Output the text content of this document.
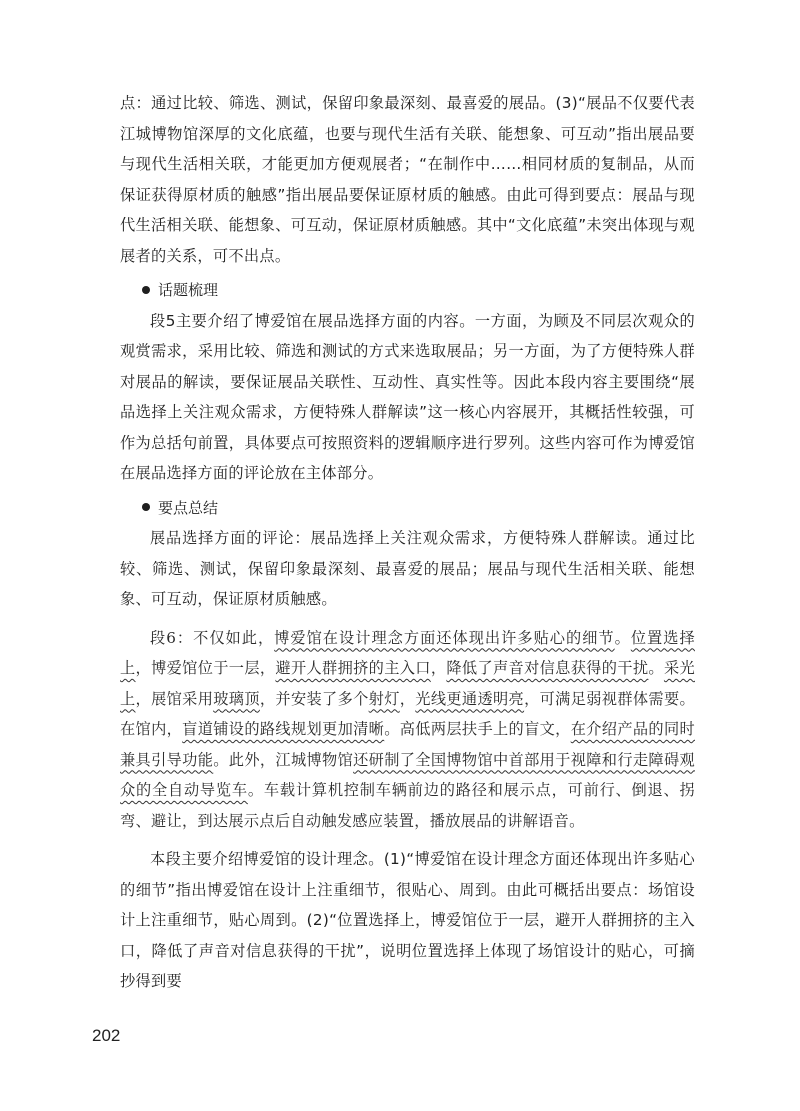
点：通过比较、筛选、测试，保留印象最深刻、最喜爱的展品。(3)“展品不仅要代表江城博物馆深厚的文化底蕴，也要与现代生活有关联、能想象、可互动”指出展品要与现代生活相关联，才能更加方便观展者；“在制作中……相同材质的复制品，从而保证获得原材质的触感”指出展品要保证原材质的触感。由此可得到要点：展品与现代生活相关联、能想象、可互动，保证原材质触感。其中“文化底蕴”未突出体现与观展者的关系，可不出点。

话题梳理

段5主要介绍了博爱馆在展品选择方面的内容。一方面，为顾及不同层次观众的观赏需求，采用比较、筛选和测试的方式来选取展品；另一方面，为了方便特殊人群对展品的解读，要保证展品关联性、互动性、真实性等。因此本段内容主要围绕“展品选择上关注观众需求，方便特殊人群解读”这一核心内容展开，其概括性较强，可作为总括句前置，具体要点可按照资料的逻辑顺序进行罗列。这些内容可作为博爱馆在展品选择方面的评论放在主体部分。

要点总结

展品选择方面的评论：展品选择上关注观众需求，方便特殊人群解读。通过比较、筛选、测试，保留印象最深刻、最喜爱的展品；展品与现代生活相关联、能想象、可互动，保证原材质触感。

段6：不仅如此，博爱馆在设计理念方面还体现出许多贴心的细节。位置选择上，博爱馆位于一层，避开人群拥挤的主入口，降低了声音对信息获得的干扰。采光上，展馆采用玻璃顶，并安装了多个射灯，光线更通透明亮，可满足弱视群体需要。在馆内，盲道铺设的路线规划更加清晰。高低两层扶手上的盲文，在介绍产品的同时兼具引导功能。此外，江城博物馆还研制了全国博物馆中首部用于视障和行走障碍观众的全自动导览车。车载计算机控制车辆前边的路径和展示点，可前行、倒退、拐弯、避让，到达展示点后自动触发感应装置，播放展品的讲解语音。

本段主要介绍博爱馆的设计理念。(1)“博爱馆在设计理念方面还体现出许多贴心的细节”指出博爱馆在设计上注重细节，很贴心、周到。由此可概括出要点：场馆设计上注重细节，贴心周到。(2)“位置选择上，博爱馆位于一层，避开人群拥挤的主入口，降低了声音对信息获得的干扰”，说明位置选择上体现了场馆设计的贴心，可摘抄得到要

202
